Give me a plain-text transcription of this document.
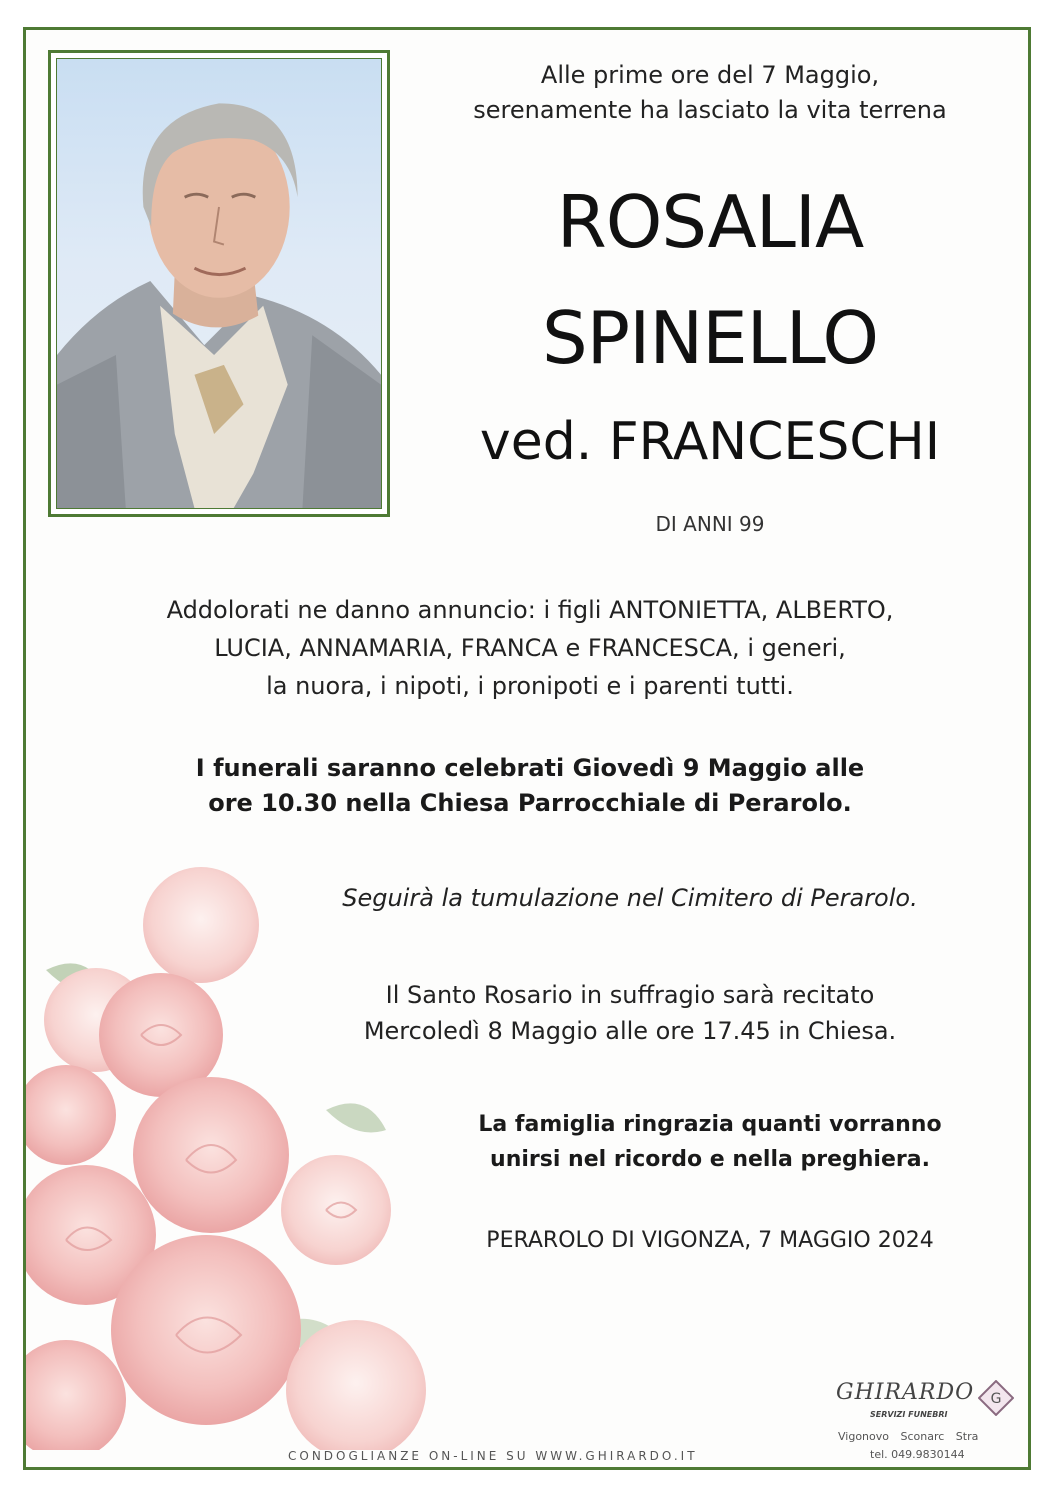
Alle prime ore del 7 Maggio,
serenamente ha lasciato la vita terrena
ROSALIA
SPINELLO
ved. FRANCESCHI
DI ANNI 99
Addolorati ne danno annuncio: i figli ANTONIETTA, ALBERTO,
LUCIA, ANNAMARIA, FRANCA e FRANCESCA, i generi,
la nuora, i nipoti, i pronipoti e i parenti tutti.
I funerali saranno celebrati Giovedì 9 Maggio alle
ore 10.30 nella Chiesa Parrocchiale di Perarolo.
Seguirà la tumulazione nel Cimitero di Perarolo.
Il Santo Rosario in suffragio sarà recitato
Mercoledì 8 Maggio alle ore 17.45 in Chiesa.
La famiglia ringrazia quanti vorranno
unirsi nel ricordo e nella preghiera.
PERAROLO DI VIGONZA, 7 MAGGIO 2024
CONDOGLIANZE ON-LINE SU WWW.GHIRARDO.IT
GHIRARDO G
SERVIZI FUNEBRI
Vigonovo Sconarc Stra
tel. 049.9830144
